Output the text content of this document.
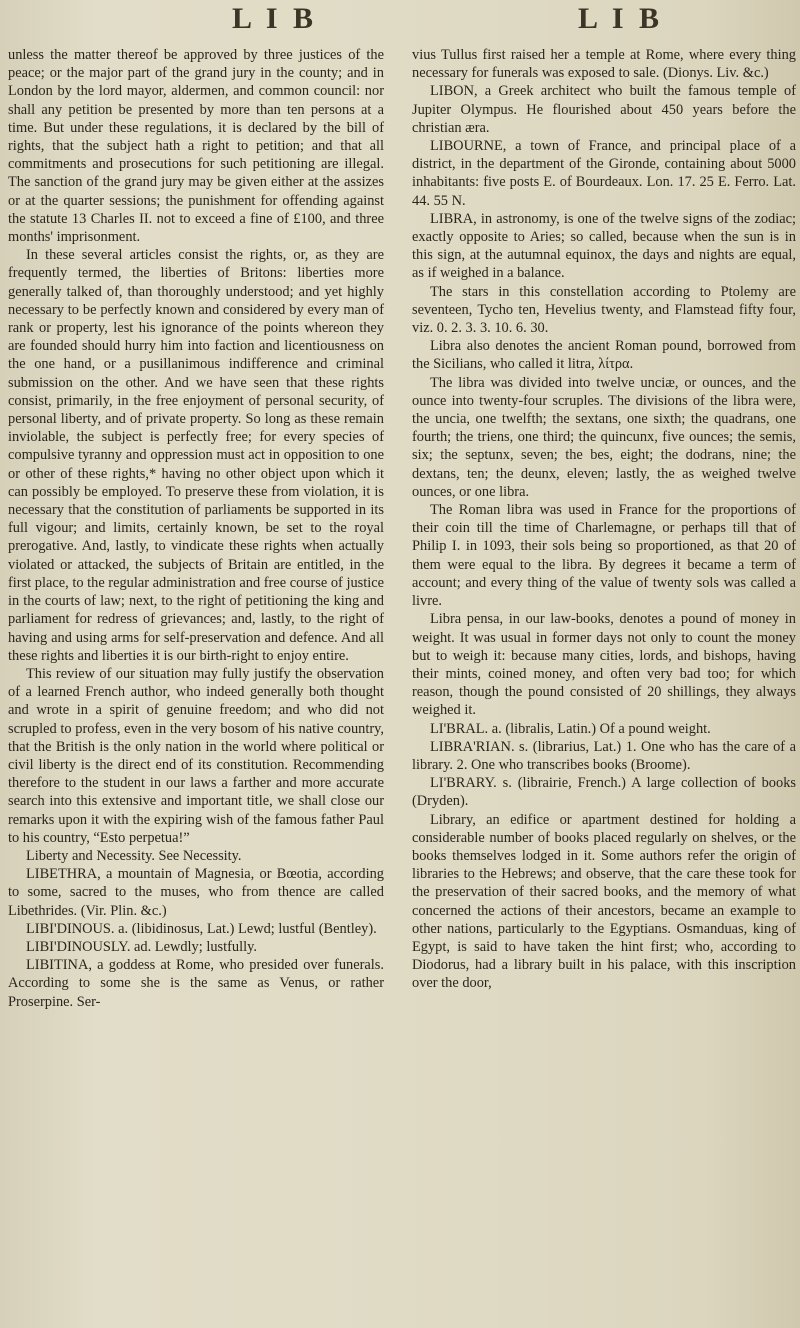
L I B	L I B

unless the matter thereof be approved by three justices of the peace; or the major part of the grand jury in the county; and in London by the lord mayor, aldermen, and common council: nor shall any petition be presented by more than ten persons at a time. But under these regulations, it is declared by the bill of rights, that the subject hath a right to petition; and that all commitments and prosecutions for such petitioning are illegal. The sanction of the grand jury may be given either at the assizes or at the quarter sessions; the punishment for offending against the statute 13 Charles II. not to exceed a fine of £100, and three months' imprisonment.

In these several articles consist the rights, or, as they are frequently termed, the liberties of Britons: liberties more generally talked of, than thoroughly understood; and yet highly necessary to be perfectly known and considered by every man of rank or property, lest his ignorance of the points whereon they are founded should hurry him into faction and licentiousness on the one hand, or a pusillanimous indifference and criminal submission on the other. And we have seen that these rights consist, primarily, in the free enjoyment of personal security, of personal liberty, and of private property. So long as these remain inviolable, the subject is perfectly free; for every species of compulsive tyranny and oppression must act in opposition to one or other of these rights,* having no other object upon which it can possibly be employed. To preserve these from violation, it is necessary that the constitution of parliaments be supported in its full vigour; and limits, certainly known, be set to the royal prerogative. And, lastly, to vindicate these rights when actually violated or attacked, the subjects of Britain are entitled, in the first place, to the regular administration and free course of justice in the courts of law; next, to the right of petitioning the king and parliament for redress of grievances; and, lastly, to the right of having and using arms for self-preservation and defence. And all these rights and liberties it is our birth-right to enjoy entire.

This review of our situation may fully justify the observation of a learned French author, who indeed generally both thought and wrote in a spirit of genuine freedom; and who did not scrupled to profess, even in the very bosom of his native country, that the British is the only nation in the world where political or civil liberty is the direct end of its constitution. Recommending therefore to the student in our laws a farther and more accurate search into this extensive and important title, we shall close our remarks upon it with the expiring wish of the famous father Paul to his country, “Esto perpetua!”

Liberty and Necessity. See Necessity.

LIBETHRA, a mountain of Magnesia, or Bœotia, according to some, sacred to the muses, who from thence are called Libethrides. (Vir. Plin. &c.)

LIBI'DINOUS. a. (libidinosus, Lat.) Lewd; lustful (Bentley).

LIBI'DINOUSLY. ad. Lewdly; lustfully.

LIBITINA, a goddess at Rome, who presided over funerals. According to some she is the same as Venus, or rather Proserpine. Ser-

vius Tullus first raised her a temple at Rome, where every thing necessary for funerals was exposed to sale. (Dionys. Liv. &c.)

LIBON, a Greek architect who built the famous temple of Jupiter Olympus. He flourished about 450 years before the christian æra.

LIBOURNE, a town of France, and principal place of a district, in the department of the Gironde, containing about 5000 inhabitants: five posts E. of Bourdeaux. Lon. 17. 25 E. Ferro. Lat. 44. 55 N.

LIBRA, in astronomy, is one of the twelve signs of the zodiac; exactly opposite to Aries; so called, because when the sun is in this sign, at the autumnal equinox, the days and nights are equal, as if weighed in a balance.

The stars in this constellation according to Ptolemy are seventeen, Tycho ten, Hevelius twenty, and Flamstead fifty four, viz. 0. 2. 3. 3. 10. 6. 30.

Libra also denotes the ancient Roman pound, borrowed from the Sicilians, who called it litra, λίτρα.

The libra was divided into twelve unciæ, or ounces, and the ounce into twenty-four scruples. The divisions of the libra were, the uncia, one twelfth; the sextans, one sixth; the quadrans, one fourth; the triens, one third; the quincunx, five ounces; the semis, six; the septunx, seven; the bes, eight; the dodrans, nine; the dextans, ten; the deunx, eleven; lastly, the as weighed twelve ounces, or one libra.

The Roman libra was used in France for the proportions of their coin till the time of Charlemagne, or perhaps till that of Philip I. in 1093, their sols being so proportioned, as that 20 of them were equal to the libra. By degrees it became a term of account; and every thing of the value of twenty sols was called a livre.

Libra pensa, in our law-books, denotes a pound of money in weight. It was usual in former days not only to count the money but to weigh it: because many cities, lords, and bishops, having their mints, coined money, and often very bad too; for which reason, though the pound consisted of 20 shillings, they always weighed it.

LI'BRAL. a. (libralis, Latin.) Of a pound weight.

LIBRA'RIAN. s. (librarius, Lat.) 1. One who has the care of a library. 2. One who transcribes books (Broome).

LI'BRARY. s. (librairie, French.) A large collection of books (Dryden).

Library, an edifice or apartment destined for holding a considerable number of books placed regularly on shelves, or the books themselves lodged in it. Some authors refer the origin of libraries to the Hebrews; and observe, that the care these took for the preservation of their sacred books, and the memory of what concerned the actions of their ancestors, became an example to other nations, particularly to the Egyptians. Osmanduas, king of Egypt, is said to have taken the hint first; who, according to Diodorus, had a library built in his palace, with this inscription over the door,
